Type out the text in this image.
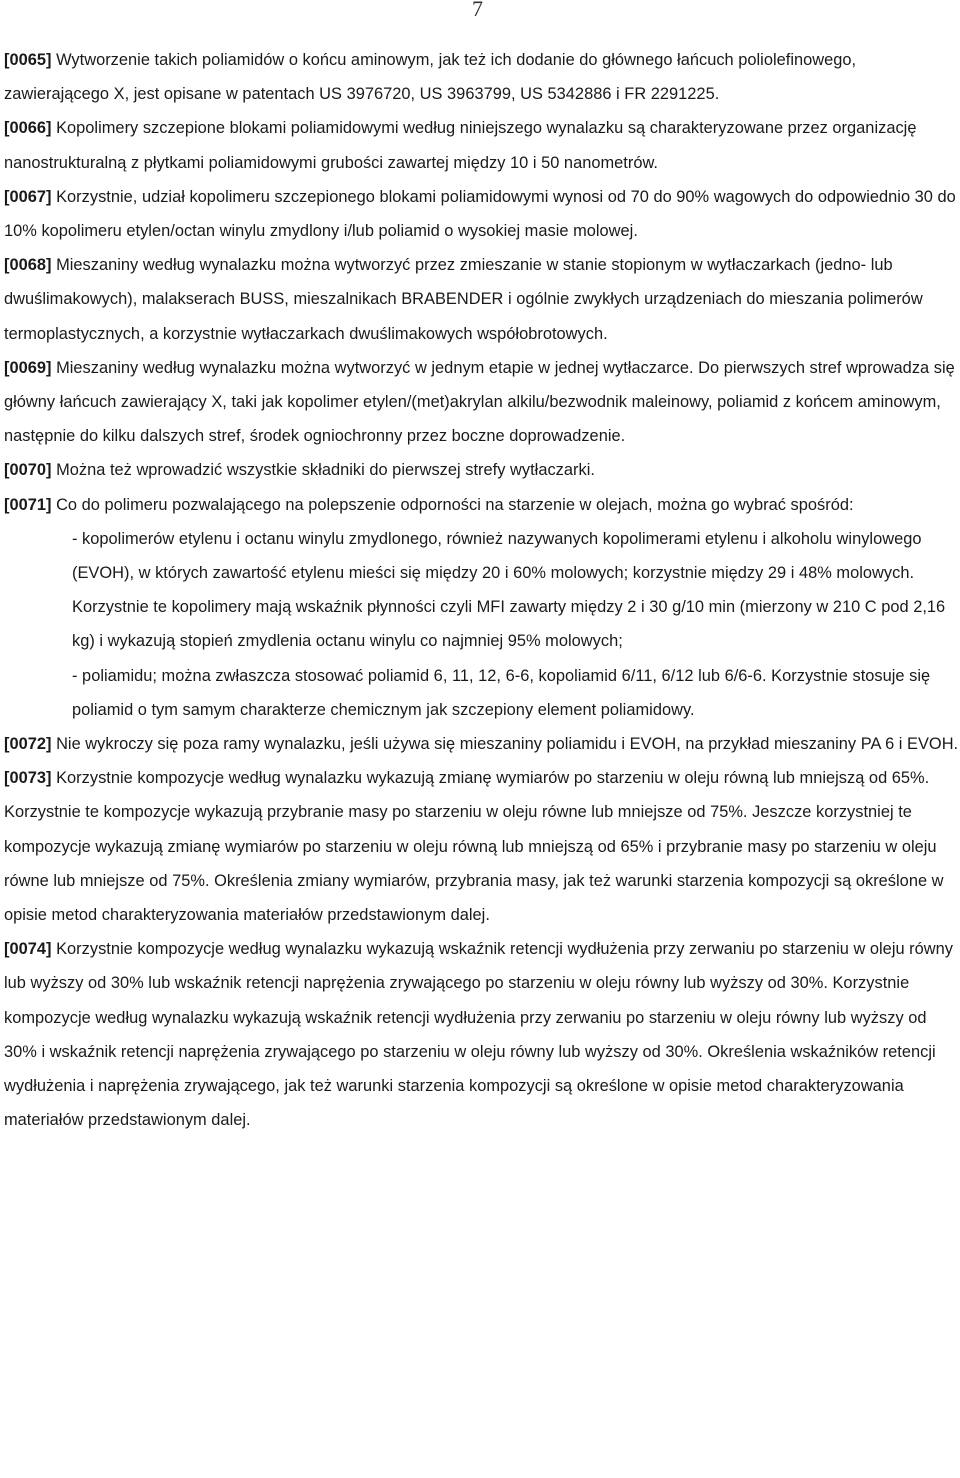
7

[0065] Wytworzenie takich poliamidów o końcu aminowym, jak też ich dodanie do głównego łańcuch poliolefinowego, zawierającego X, jest opisane w patentach US 3976720, US 3963799, US 5342886 i FR 2291225.

[0066] Kopolimery szczepione blokami poliamidowymi według niniejszego wynalazku są charakteryzowane przez organizację nanostrukturalną z płytkami poliamidowymi grubości zawartej między 10 i 50 nanometrów.

[0067] Korzystnie, udział kopolimeru szczepionego blokami poliamidowymi wynosi od 70 do 90% wagowych do odpowiednio 30 do 10% kopolimeru etylen/octan winylu zmydlony i/lub poliamid o wysokiej masie molowej.

[0068] Mieszaniny według wynalazku można wytworzyć przez zmieszanie w stanie stopionym w wytłaczarkach (jedno- lub dwuślimakowych), malakserach BUSS, mieszalnikach BRABENDER i ogólnie zwykłych urządzeniach do mieszania polimerów termoplastycznych, a korzystnie wytłaczarkach dwuślimakowych współobrotowych.

[0069] Mieszaniny według wynalazku można wytworzyć w jednym etapie w jednej wytłaczarce. Do pierwszych stref wprowadza się główny łańcuch zawierający X, taki jak kopolimer etylen/(met)akrylan alkilu/bezwodnik maleinowy, poliamid z końcem aminowym, następnie do kilku dalszych stref, środek ogniochronny przez boczne doprowadzenie.

[0070] Można też wprowadzić wszystkie składniki do pierwszej strefy wytłaczarki.

[0071] Co do polimeru pozwalającego na polepszenie odporności na starzenie w olejach, można go wybrać spośród:

- kopolimerów etylenu i octanu winylu zmydlonego, również nazywanych kopolimerami etylenu i alkoholu winylowego (EVOH), w których zawartość etylenu mieści się między 20 i 60% molowych; korzystnie między 29 i 48% molowych. Korzystnie te kopolimery mają wskaźnik płynności czyli MFI zawarty między 2 i 30 g/10 min (mierzony w 210 C pod 2,16 kg) i wykazują stopień zmydlenia octanu winylu co najmniej 95% molowych;
- poliamidu; można zwłaszcza stosować poliamid 6, 11, 12, 6-6, kopoliamid 6/11, 6/12 lub 6/6-6. Korzystnie stosuje się poliamid o tym samym charakterze chemicznym jak szczepiony element poliamidowy.

[0072] Nie wykroczy się poza ramy wynalazku, jeśli używa się mieszaniny poliamidu i EVOH, na przykład mieszaniny PA 6 i EVOH.

[0073] Korzystnie kompozycje według wynalazku wykazują zmianę wymiarów po starzeniu w oleju równą lub mniejszą od 65%. Korzystnie te kompozycje wykazują przybranie masy po starzeniu w oleju równe lub mniejsze od 75%. Jeszcze korzystniej te kompozycje wykazują zmianę wymiarów po starzeniu w oleju równą lub mniejszą od 65% i przybranie masy po starzeniu w oleju równe lub mniejsze od 75%. Określenia zmiany wymiarów, przybrania masy, jak też warunki starzenia kompozycji są określone w opisie metod charakteryzowania materiałów przedstawionym dalej.

[0074] Korzystnie kompozycje według wynalazku wykazują wskaźnik retencji wydłużenia przy zerwaniu po starzeniu w oleju równy lub wyższy od 30% lub wskaźnik retencji naprężenia zrywającego po starzeniu w oleju równy lub wyższy od 30%. Korzystnie kompozycje według wynalazku wykazują wskaźnik retencji wydłużenia przy zerwaniu po starzeniu w oleju równy lub wyższy od 30% i wskaźnik retencji naprężenia zrywającego po starzeniu w oleju równy lub wyższy od 30%. Określenia wskaźników retencji wydłużenia i naprężenia zrywającego, jak też warunki starzenia kompozycji są określone w opisie metod charakteryzowania materiałów przedstawionym dalej.
